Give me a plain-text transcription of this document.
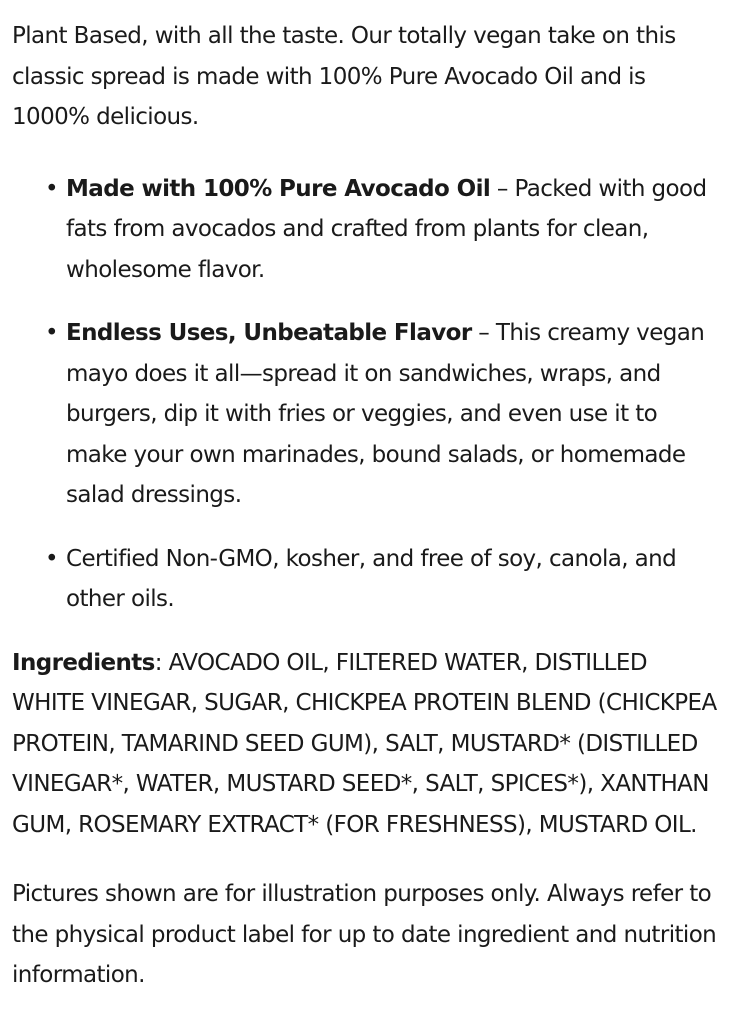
Plant Based, with all the taste. Our totally vegan take on this classic spread is made with 100% Pure Avocado Oil and is 1000% delicious.

• Made with 100% Pure Avocado Oil – Packed with good fats from avocados and crafted from plants for clean, wholesome flavor.
• Endless Uses, Unbeatable Flavor – This creamy vegan mayo does it all—spread it on sandwiches, wraps, and burgers, dip it with fries or veggies, and even use it to make your own marinades, bound salads, or homemade salad dressings.
• Certified Non-GMO, kosher, and free of soy, canola, and other oils.

Ingredients: AVOCADO OIL, FILTERED WATER, DISTILLED WHITE VINEGAR, SUGAR, CHICKPEA PROTEIN BLEND (CHICKPEA PROTEIN, TAMARIND SEED GUM), SALT, MUSTARD* (DISTILLED VINEGAR*, WATER, MUSTARD SEED*, SALT, SPICES*), XANTHAN GUM, ROSEMARY EXTRACT* (FOR FRESHNESS), MUSTARD OIL.

Pictures shown are for illustration purposes only. Always refer to the physical product label for up to date ingredient and nutrition information.
